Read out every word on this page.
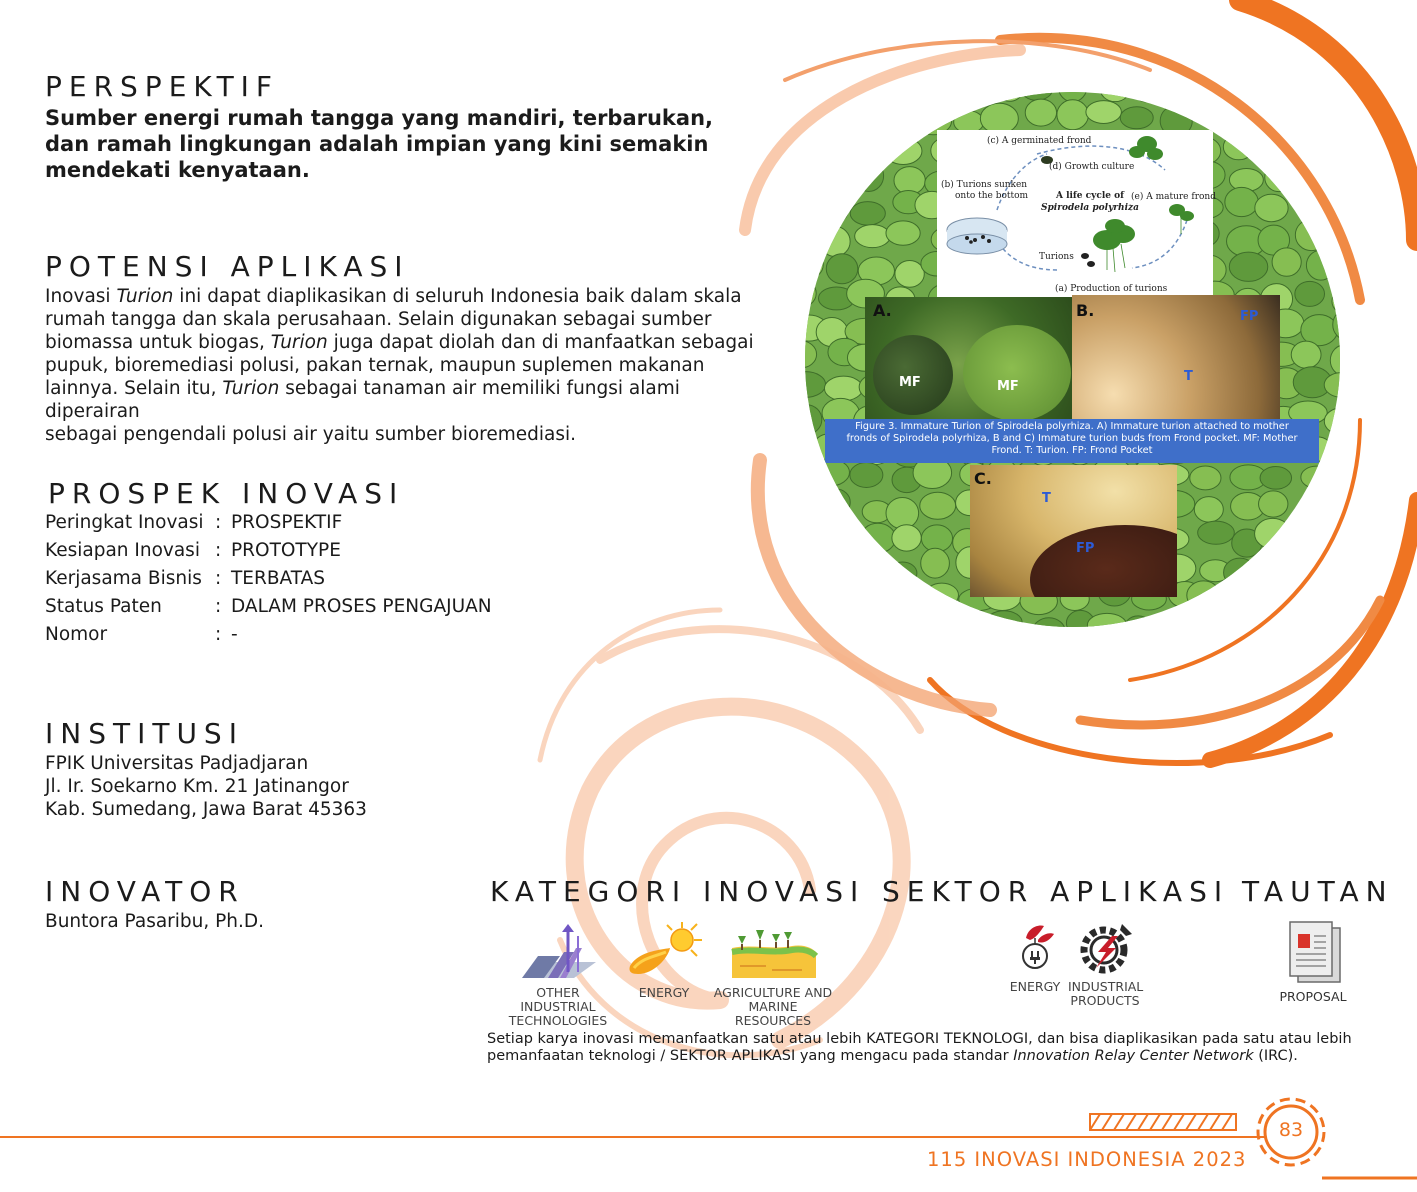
PERSPEKTIF
Sumber energi rumah tangga yang mandiri, terbarukan,
dan ramah lingkungan adalah impian yang kini semakin
mendekati kenyataan.
POTENSI APLIKASI
Inovasi Turion ini dapat diaplikasikan di seluruh Indonesia baik dalam skala
rumah tangga dan skala perusahaan. Selain digunakan sebagai sumber
biomassa untuk biogas, Turion juga dapat diolah dan di manfaatkan sebagai
pupuk, bioremediasi polusi, pakan ternak, maupun suplemen makanan
lainnya. Selain itu, Turion sebagai tanaman air memiliki fungsi alami diperairan
sebagai pengendali polusi air yaitu sumber bioremediasi.
PROSPEK INOVASI
Peringkat Inovasi : PROSPEKTIF
Kesiapan Inovasi : PROTOTYPE
Kerjasama Bisnis : TERBATAS
Status Paten	: DALAM PROSES PENGAJUAN
Nomor	: -
INSTITUSI
FPIK Universitas Padjadjaran
Jl. Ir. Soekarno Km. 21 Jatinangor
Kab. Sumedang, Jawa Barat 45363
INOVATOR
Buntora Pasaribu, Ph.D.
(c) A germinated frond
(d) Growth culture
(b) Turions sunken
onto the bottom	A life cycle of
Spirodela polyrhiza
(e) A mature frond
Turions
(a) Production of turions
A.
MF	MF
B.	FP
T
Figure 3. Immature Turion of Spirodela polyrhiza. A) Immature turion attached to mother
fronds of Spirodela polyrhiza, B and C) Immature turion buds from Frond pocket. MF: Mother
Frond. T: Turion. FP: Frond Pocket
C.
T
FP
KATEGORI INOVASI SEKTOR APLIKASI TAUTAN
OTHER INDUSTRIAL
TECHNOLOGIES
ENERGY	AGRICULTURE AND
MARINE RESOURCES
ENERGY INDUSTRIAL
PRODUCTS	PROPOSAL
Setiap karya inovasi memanfaatkan satu atau lebih KATEGORI TEKNOLOGI, dan bisa diaplikasikan pada satu atau lebih
pemanfaatan teknologi / SEKTOR APLIKASI yang mengacu pada standar Innovation Relay Center Network (IRC).
83
115 INOVASI INDONESIA 2023
